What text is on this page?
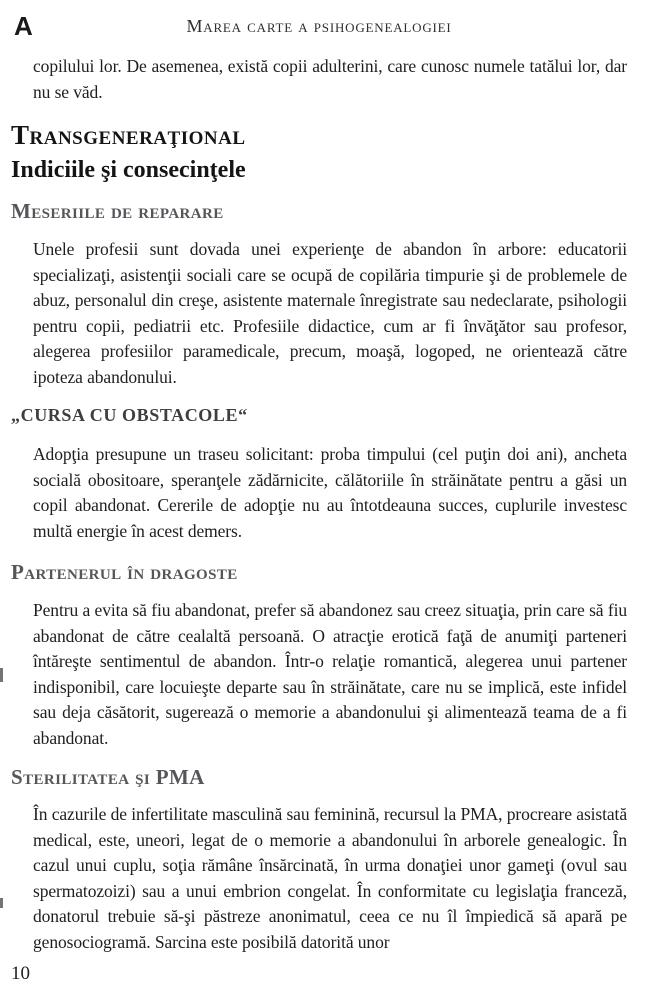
A	Marea carte a psihogenealogiei

copilului lor. De asemenea, există copii adulterini, care cunosc numele tatălui lor, dar nu se văd.

Transgeneraţional
Indiciile şi consecinţele
Meseriile de reparare

Unele profesii sunt dovada unei experienţe de abandon în arbore: educatorii specializaţi, asistenţii sociali care se ocupă de copilăria timpurie şi de problemele de abuz, personalul din creşe, asistente maternale înregistrate sau nedeclarate, psihologii pentru copii, pediatrii etc. Profesiile didactice, cum ar fi învăţător sau profesor, alegerea profesiilor paramedicale, precum, moaşă, logoped, ne orientează către ipoteza abandonului.

„CURSA CU OBSTACOLE“

Adopţia presupune un traseu solicitant: proba timpului (cel puţin doi ani), ancheta socială obositoare, speranţele zădărnicite, călătoriile în străinătate pentru a găsi un copil abandonat. Cererile de adopţie nu au întotdeauna succes, cuplurile investesc multă energie în acest demers.

Partenerul în dragoste

Pentru a evita să fiu abandonat, prefer să abandonez sau creez situaţia, prin care să fiu abandonat de către cealaltă persoană. O atracţie erotică faţă de anumiţi parteneri întăreşte sentimentul de abandon. Într-o relaţie romantică, alegerea unui partener indisponibil, care locuieşte departe sau în străinătate, care nu se implică, este infidel sau deja căsătorit, sugerează o memorie a abandonului şi alimentează teama de a fi abandonat.

Sterilitatea şi PMA

În cazurile de infertilitate masculină sau feminină, recursul la PMA, procreare asistată medical, este, uneori, legat de o memorie a abandonului în arborele genealogic. În cazul unui cuplu, soţia rămâne însărcinată, în urma donaţiei unor gameţi (ovul sau spermatozoizi) sau a unui embrion congelat. În conformitate cu legislaţia franceză, donatorul trebuie să-şi păstreze anonimatul, ceea ce nu îl împiedică să apară pe genosociogramă. Sarcina este posibilă datorită unor

10
